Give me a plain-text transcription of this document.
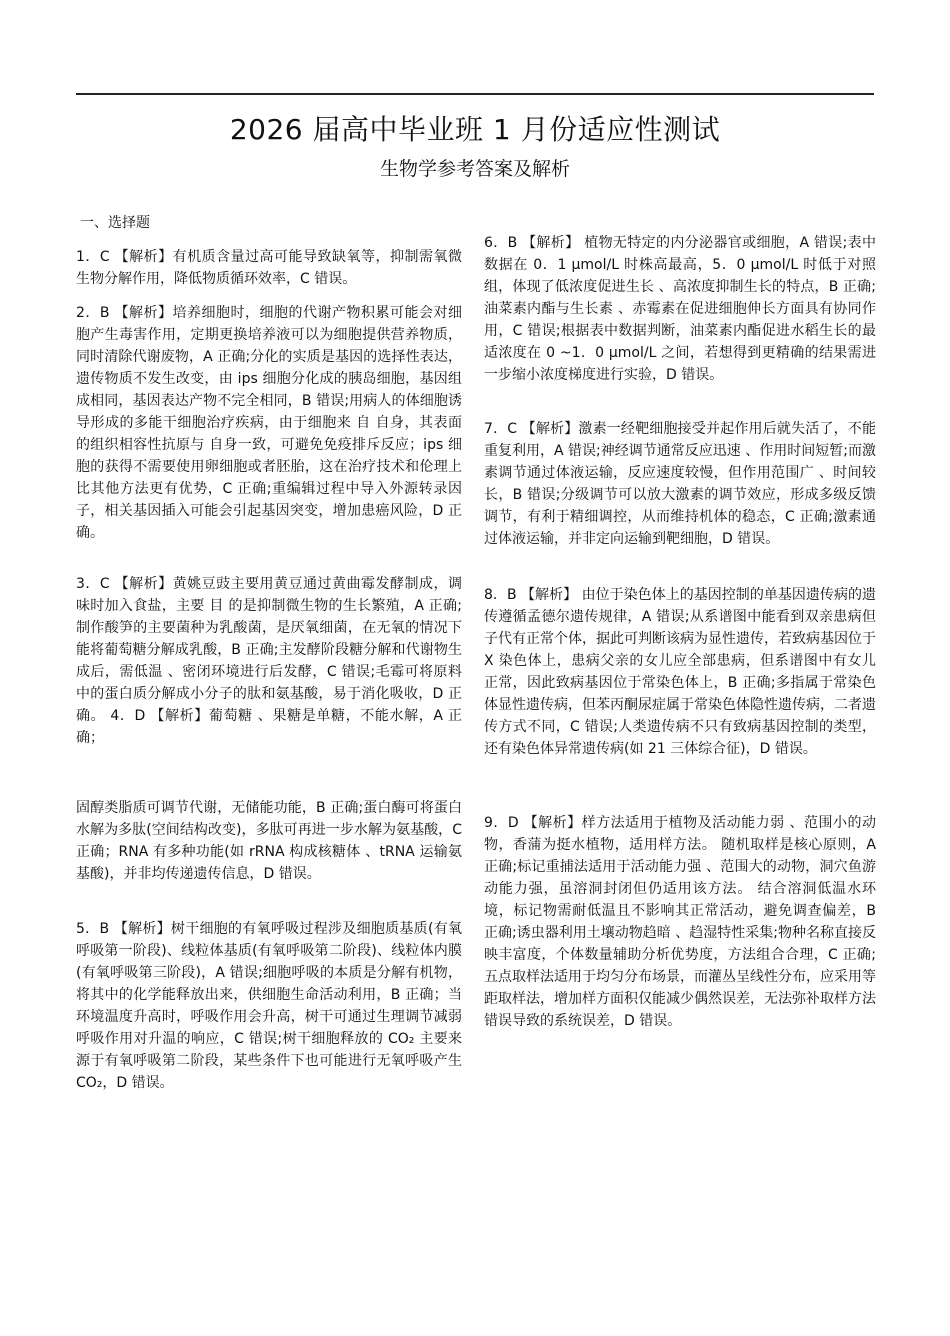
2026 届高中毕业班 1 月份适应性测试
生物学参考答案及解析
一、选择题

1．C 【解析】有机质含量过高可能导致缺氧等，抑制需氧微生物分解作用，降低物质循环效率，C 错误。

2．B 【解析】培养细胞时，细胞的代谢产物积累可能会对细胞产生毒害作用，定期更换培养液可以为细胞提供营养物质，同时清除代谢废物，A 正确;分化的实质是基因的选择性表达，遗传物质不发生改变，由 ips 细胞分化成的胰岛细胞，基因组成相同，基因表达产物不完全相同，B 错误;用病人的体细胞诱导形成的多能干细胞治疗疾病，由于细胞来 自 自身，其表面的组织相容性抗原与 自身一致，可避免免疫排斥反应；ips 细胞的获得不需要使用卵细胞或者胚胎，这在治疗技术和伦理上比其他方法更有优势，C 正确;重编辑过程中导入外源转录因子，相关基因插入可能会引起基因突变，增加患癌风险，D 正确。

3．C 【解析】黄姚豆豉主要用黄豆通过黄曲霉发酵制成，调味时加入食盐，主要 目 的是抑制微生物的生长繁殖，A 正确;制作酸笋的主要菌种为乳酸菌，是厌氧细菌，在无氧的情况下能将葡萄糖分解成乳酸，B 正确;主发酵阶段糖分解和代谢物生成后，需低温 、密闭环境进行后发酵，C 错误;毛霉可将原料中的蛋白质分解成小分子的肽和氨基酸，易于消化吸收，D 正确。 4．D 【解析】葡萄糖 、果糖是单糖，不能水解，A 正确；

固醇类脂质可调节代谢，无储能功能，B 正确;蛋白酶可将蛋白水解为多肽(空间结构改变)，多肽可再进一步水解为氨基酸，C 正确；RNA 有多种功能(如 rRNA 构成核糖体 、tRNA 运输氨基酸)，并非均传递遗传信息，D 错误。

5．B 【解析】树干细胞的有氧呼吸过程涉及细胞质基质(有氧呼吸第一阶段)、线粒体基质(有氧呼吸第二阶段)、线粒体内膜(有氧呼吸第三阶段)，A 错误;细胞呼吸的本质是分解有机物，将其中的化学能释放出来，供细胞生命活动利用，B 正确；当环境温度升高时，呼吸作用会升高，树干可通过生理调节减弱呼吸作用对升温的响应，C 错误;树干细胞释放的 CO₂ 主要来源于有氧呼吸第二阶段，某些条件下也可能进行无氧呼吸产生 CO₂，D 错误。

6．B 【解析】 植物无特定的内分泌器官或细胞，A 错误;表中数据在 0．1 μmol/L 时株高最高，5．0 μmol/L 时低于对照组，体现了低浓度促进生长 、高浓度抑制生长的特点，B 正确;油菜素内酯与生长素 、赤霉素在促进细胞伸长方面具有协同作用，C 错误;根据表中数据判断，油菜素内酯促进水稻生长的最适浓度在 0 ~1．0 μmol/L 之间，若想得到更精确的结果需进 一步缩小浓度梯度进行实验，D 错误。

7．C 【解析】激素一经靶细胞接受并起作用后就失活了，不能重复利用，A 错误;神经调节通常反应迅速 、作用时间短暂;而激素调节通过体液运输，反应速度较慢，但作用范围广 、时间较长，B 错误;分级调节可以放大激素的调节效应，形成多级反馈调节，有利于精细调控，从而维持机体的稳态，C 正确;激素通过体液运输，并非定向运输到靶细胞，D 错误。

8．B 【解析】 由位于染色体上的基因控制的单基因遗传病的遗传遵循孟德尔遗传规律，A 错误;从系谱图中能看到双亲患病但子代有正常个体，据此可判断该病为显性遗传，若致病基因位于 X 染色体上，患病父亲的女儿应全部患病，但系谱图中有女儿正常，因此致病基因位于常染色体上，B 正确;多指属于常染色体显性遗传病，但苯丙酮尿症属于常染色体隐性遗传病，二者遗传方式不同，C 错误;人类遗传病不只有致病基因控制的类型，还有染色体异常遗传病(如 21 三体综合征)，D 错误。

9．D 【解析】样方法适用于植物及活动能力弱 、范围小的动物，香蒲为挺水植物，适用样方法。 随机取样是核心原则，A 正确;标记重捕法适用于活动能力强 、范围大的动物，洞穴鱼游动能力强，虽溶洞封闭但仍适用该方法。 结合溶洞低温水环境，标记物需耐低温且不影响其正常活动，避免调查偏差，B 正确;诱虫器利用土壤动物趋暗 、趋湿特性采集;物种名称直接反映丰富度，个体数量辅助分析优势度，方法组合合理，C 正确;五点取样法适用于均匀分布场景，而灌丛呈线性分布，应采用等距取样法，增加样方面积仅能减少偶然误差，无法弥补取样方法错误导致的系统误差，D 错误。
